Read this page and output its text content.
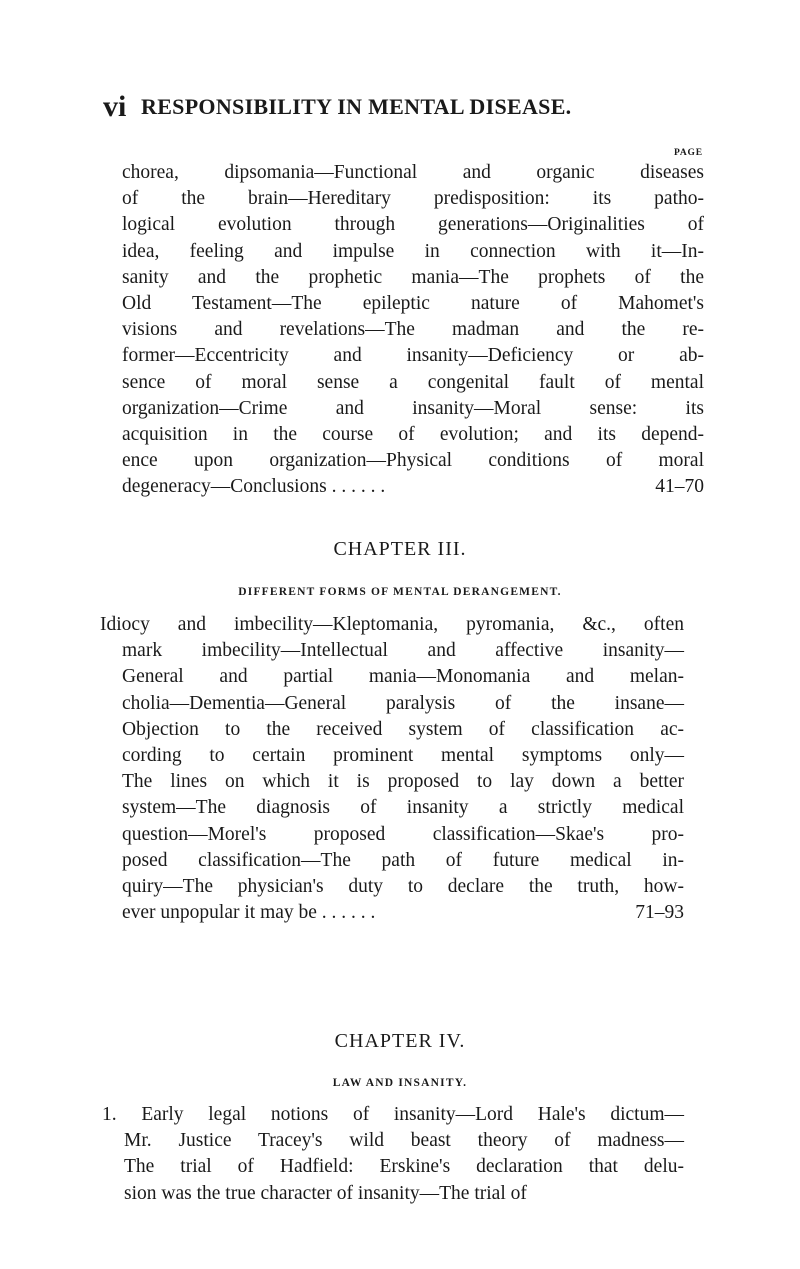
vi RESPONSIBILITY IN MENTAL DISEASE.
PAGE
chorea, dipsomania—Functional and organic diseases
of the brain—Hereditary predisposition: its patho-
logical evolution through generations—Originalities of
idea, feeling and impulse in connection with it—In-
sanity and the prophetic mania—The prophets of the
Old Testament—The epileptic nature of Mahomet's
visions and revelations—The madman and the re-
former—Eccentricity and insanity—Deficiency or ab-
sence of moral sense a congenital fault of mental
organization—Crime and insanity—Moral sense: its
acquisition in the course of evolution; and its depend-
ence upon organization—Physical conditions of moral
degeneracy—Conclusions . . . . . .	41–70
CHAPTER III.
DIFFERENT FORMS OF MENTAL DERANGEMENT.
Idiocy and imbecility—Kleptomania, pyromania, &c., often
mark imbecility—Intellectual and affective insanity—
General and partial mania—Monomania and melan-
cholia—Dementia—General paralysis of the insane—
Objection to the received system of classification ac-
cording to certain prominent mental symptoms only—
The lines on which it is proposed to lay down a better
system—The diagnosis of insanity a strictly medical
question—Morel's proposed classification—Skae's pro-
posed classification—The path of future medical in-
quiry—The physician's duty to declare the truth, how-
ever unpopular it may be . . . . . .	71–93
CHAPTER IV.
LAW AND INSANITY.
1. Early legal notions of insanity—Lord Hale's dictum—
Mr. Justice Tracey's wild beast theory of madness—
The trial of Hadfield: Erskine's declaration that delu-
sion was the true character of insanity—The trial of
